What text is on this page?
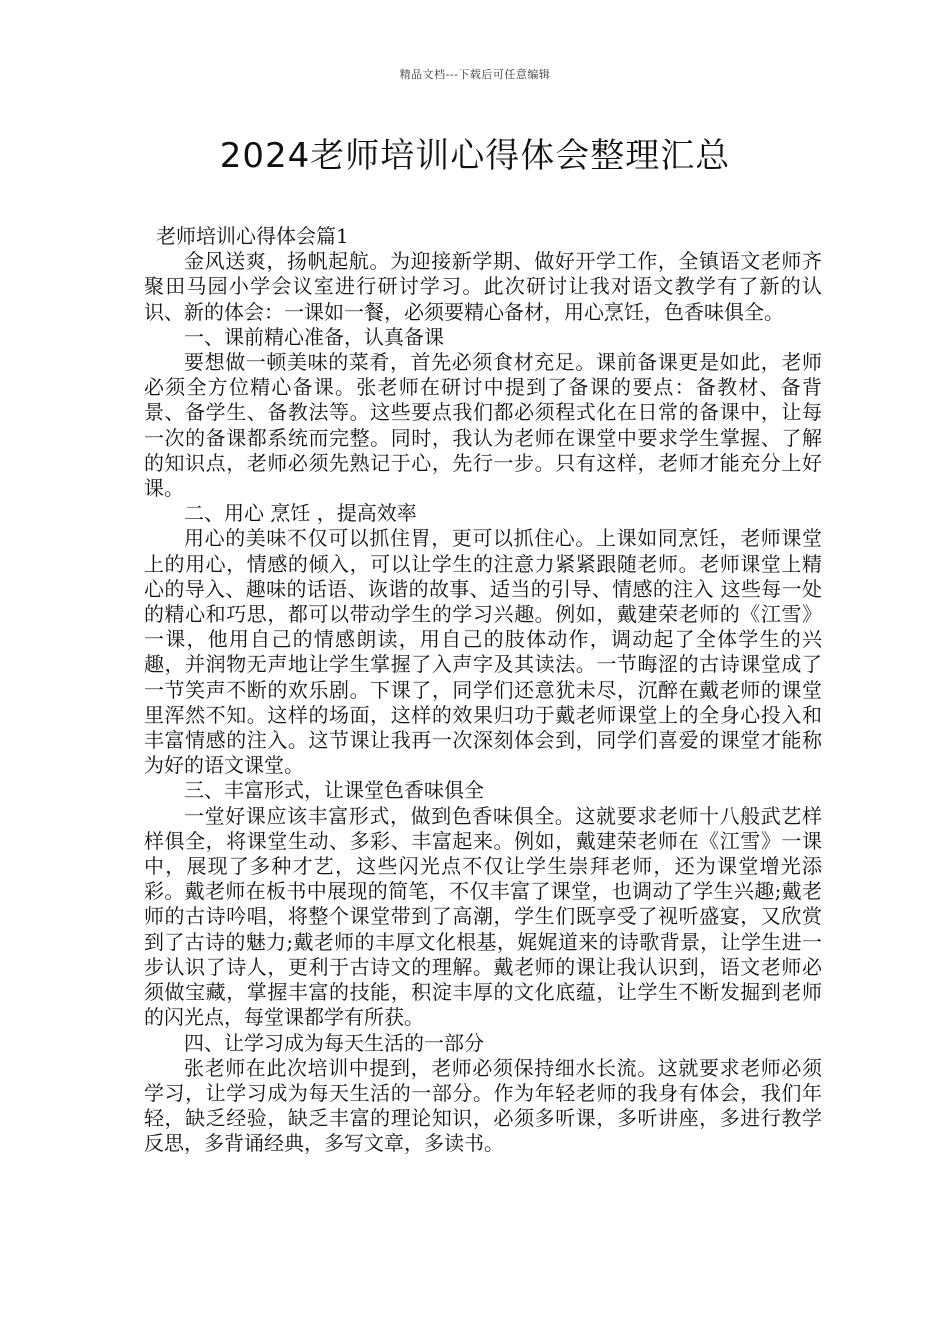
精品文档---下载后可任意编辑
2024老师培训心得体会整理汇总

老师培训心得体会篇1

金风送爽，扬帆起航。为迎接新学期、做好开学工作，全镇语文老师齐聚田马园小学会议室进行研讨学习。此次研讨让我对语文教学有了新的认识、新的体会：一课如一餐，必须要精心备材，用心烹饪，色香味俱全。

一、课前精心准备，认真备课

要想做一顿美味的菜肴，首先必须食材充足。课前备课更是如此，老师必须全方位精心备课。张老师在研讨中提到了备课的要点：备教材、备背景、备学生、备教法等。这些要点我们都必须程式化在日常的备课中，让每一次的备课都系统而完整。同时，我认为老师在课堂中要求学生掌握、了解的知识点，老师必须先熟记于心，先行一步。只有这样，老师才能充分上好课。

二、用心 烹饪 ，提高效率

用心的美味不仅可以抓住胃，更可以抓住心。上课如同烹饪，老师课堂上的用心，情感的倾入，可以让学生的注意力紧紧跟随老师。老师课堂上精心的导入、趣味的话语、诙谐的故事、适当的引导、情感的注入 这些每一处的精心和巧思，都可以带动学生的学习兴趣。例如，戴建荣老师的《江雪》一课，他用自己的情感朗读，用自己的肢体动作，调动起了全体学生的兴趣，并润物无声地让学生掌握了入声字及其读法。一节晦涩的古诗课堂成了一节笑声不断的欢乐剧。下课了，同学们还意犹未尽，沉醉在戴老师的课堂里浑然不知。这样的场面，这样的效果归功于戴老师课堂上的全身心投入和丰富情感的注入。这节课让我再一次深刻体会到，同学们喜爱的课堂才能称为好的语文课堂。

三、丰富形式，让课堂色香味俱全

一堂好课应该丰富形式，做到色香味俱全。这就要求老师十八般武艺样样俱全，将课堂生动、多彩、丰富起来。例如，戴建荣老师在《江雪》一课中，展现了多种才艺，这些闪光点不仅让学生崇拜老师，还为课堂增光添彩。戴老师在板书中展现的简笔，不仅丰富了课堂，也调动了学生兴趣;戴老师的古诗吟唱，将整个课堂带到了高潮，学生们既享受了视听盛宴，又欣赏到了古诗的魅力;戴老师的丰厚文化根基，娓娓道来的诗歌背景，让学生进一步认识了诗人，更利于古诗文的理解。戴老师的课让我认识到，语文老师必须做宝藏，掌握丰富的技能，积淀丰厚的文化底蕴，让学生不断发掘到老师的闪光点，每堂课都学有所获。

四、让学习成为每天生活的一部分

张老师在此次培训中提到，老师必须保持细水长流。这就要求老师必须学习，让学习成为每天生活的一部分。作为年轻老师的我身有体会，我们年轻，缺乏经验，缺乏丰富的理论知识，必须多听课，多听讲座，多进行教学反思，多背诵经典，多写文章，多读书。
